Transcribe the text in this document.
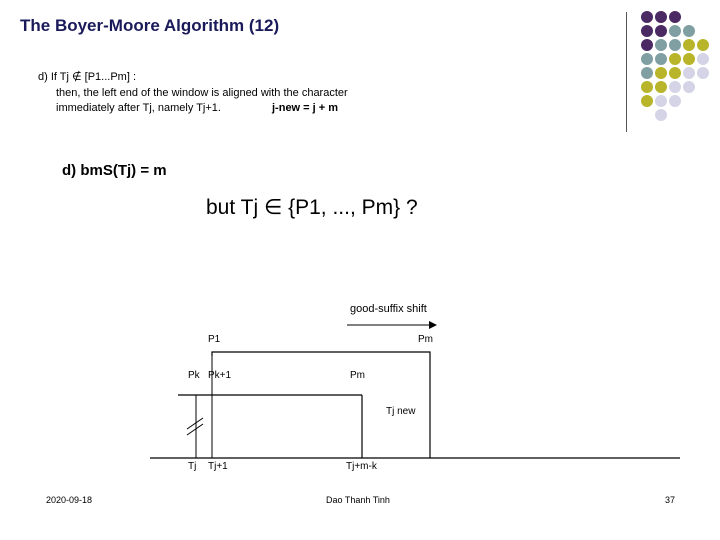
The Boyer-Moore Algorithm (12)
d) If Tj ∉ [P1...Pm] :
then, the left end of the window is aligned with the character
immediately after Tj, namely Tj+1.	j-new = j + m
d) bmS(Tj) = m
but Tj ∈ {P1, ..., Pm} ?
good-suffix shift
P1	Pm
Pk Pk+1	Pm
Tj new
Tj Tj+1	Tj+m-k
2020-09-18	Dao Thanh Tinh	37
